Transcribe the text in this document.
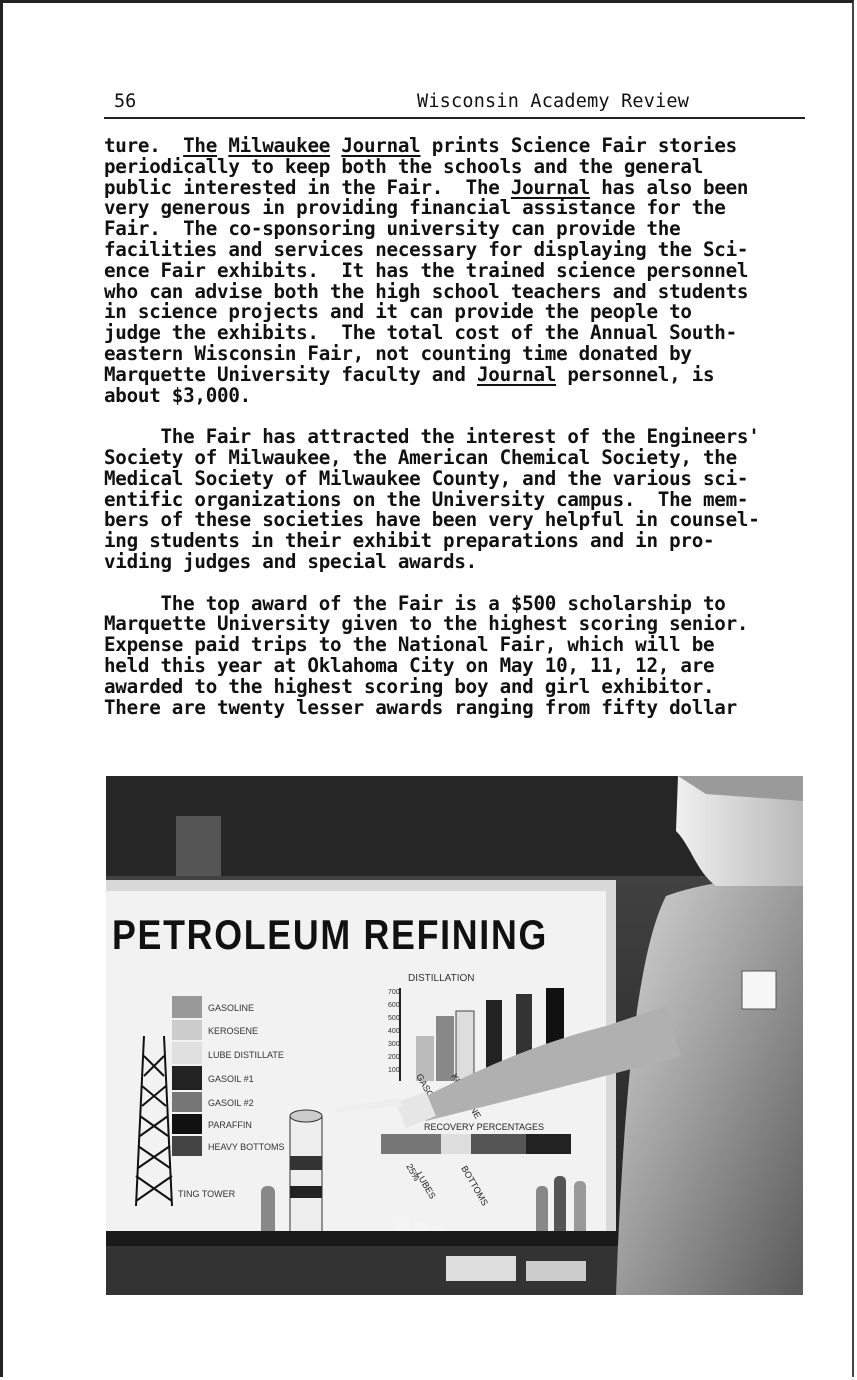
56	Wisconsin Academy Review
ture.  The Milwaukee Journal prints Science Fair stories
periodically to keep both the schools and the general
public interested in the Fair.  The Journal has also been
very generous in providing financial assistance for the
Fair.  The co-sponsoring university can provide the
facilities and services necessary for displaying the Sci-
ence Fair exhibits.  It has the trained science personnel
who can advise both the high school teachers and students
in science projects and it can provide the people to
judge the exhibits.  The total cost of the Annual South-
eastern Wisconsin Fair, not counting time donated by
Marquette University faculty and Journal personnel, is
about $3,000.
The Fair has attracted the interest of the Engineers'
Society of Milwaukee, the American Chemical Society, the
Medical Society of Milwaukee County, and the various sci-
entific organizations on the University campus.  The mem-
bers of these societies have been very helpful in counsel-
ing students in their exhibit preparations and in pro-
viding judges and special awards.
The top award of the Fair is a $500 scholarship to
Marquette University given to the highest scoring senior.
Expense paid trips to the National Fair, which will be
held this year at Oklahoma City on May 10, 11, 12, are
awarded to the highest scoring boy and girl exhibitor.
There are twenty lesser awards ranging from fifty dollar
PETROLEUM REFINING
DISTILLATION
700
600
500
400
300
200
100
GASOLINE
KEROSENE
LUBE DISTILLATE
GASOIL #1
GASOIL #2
PARAFFIN
HEAVY BOTTOMS
TING TOWER
RECOVERY PERCENTAGES
LUBES BOTTOMS
25%
